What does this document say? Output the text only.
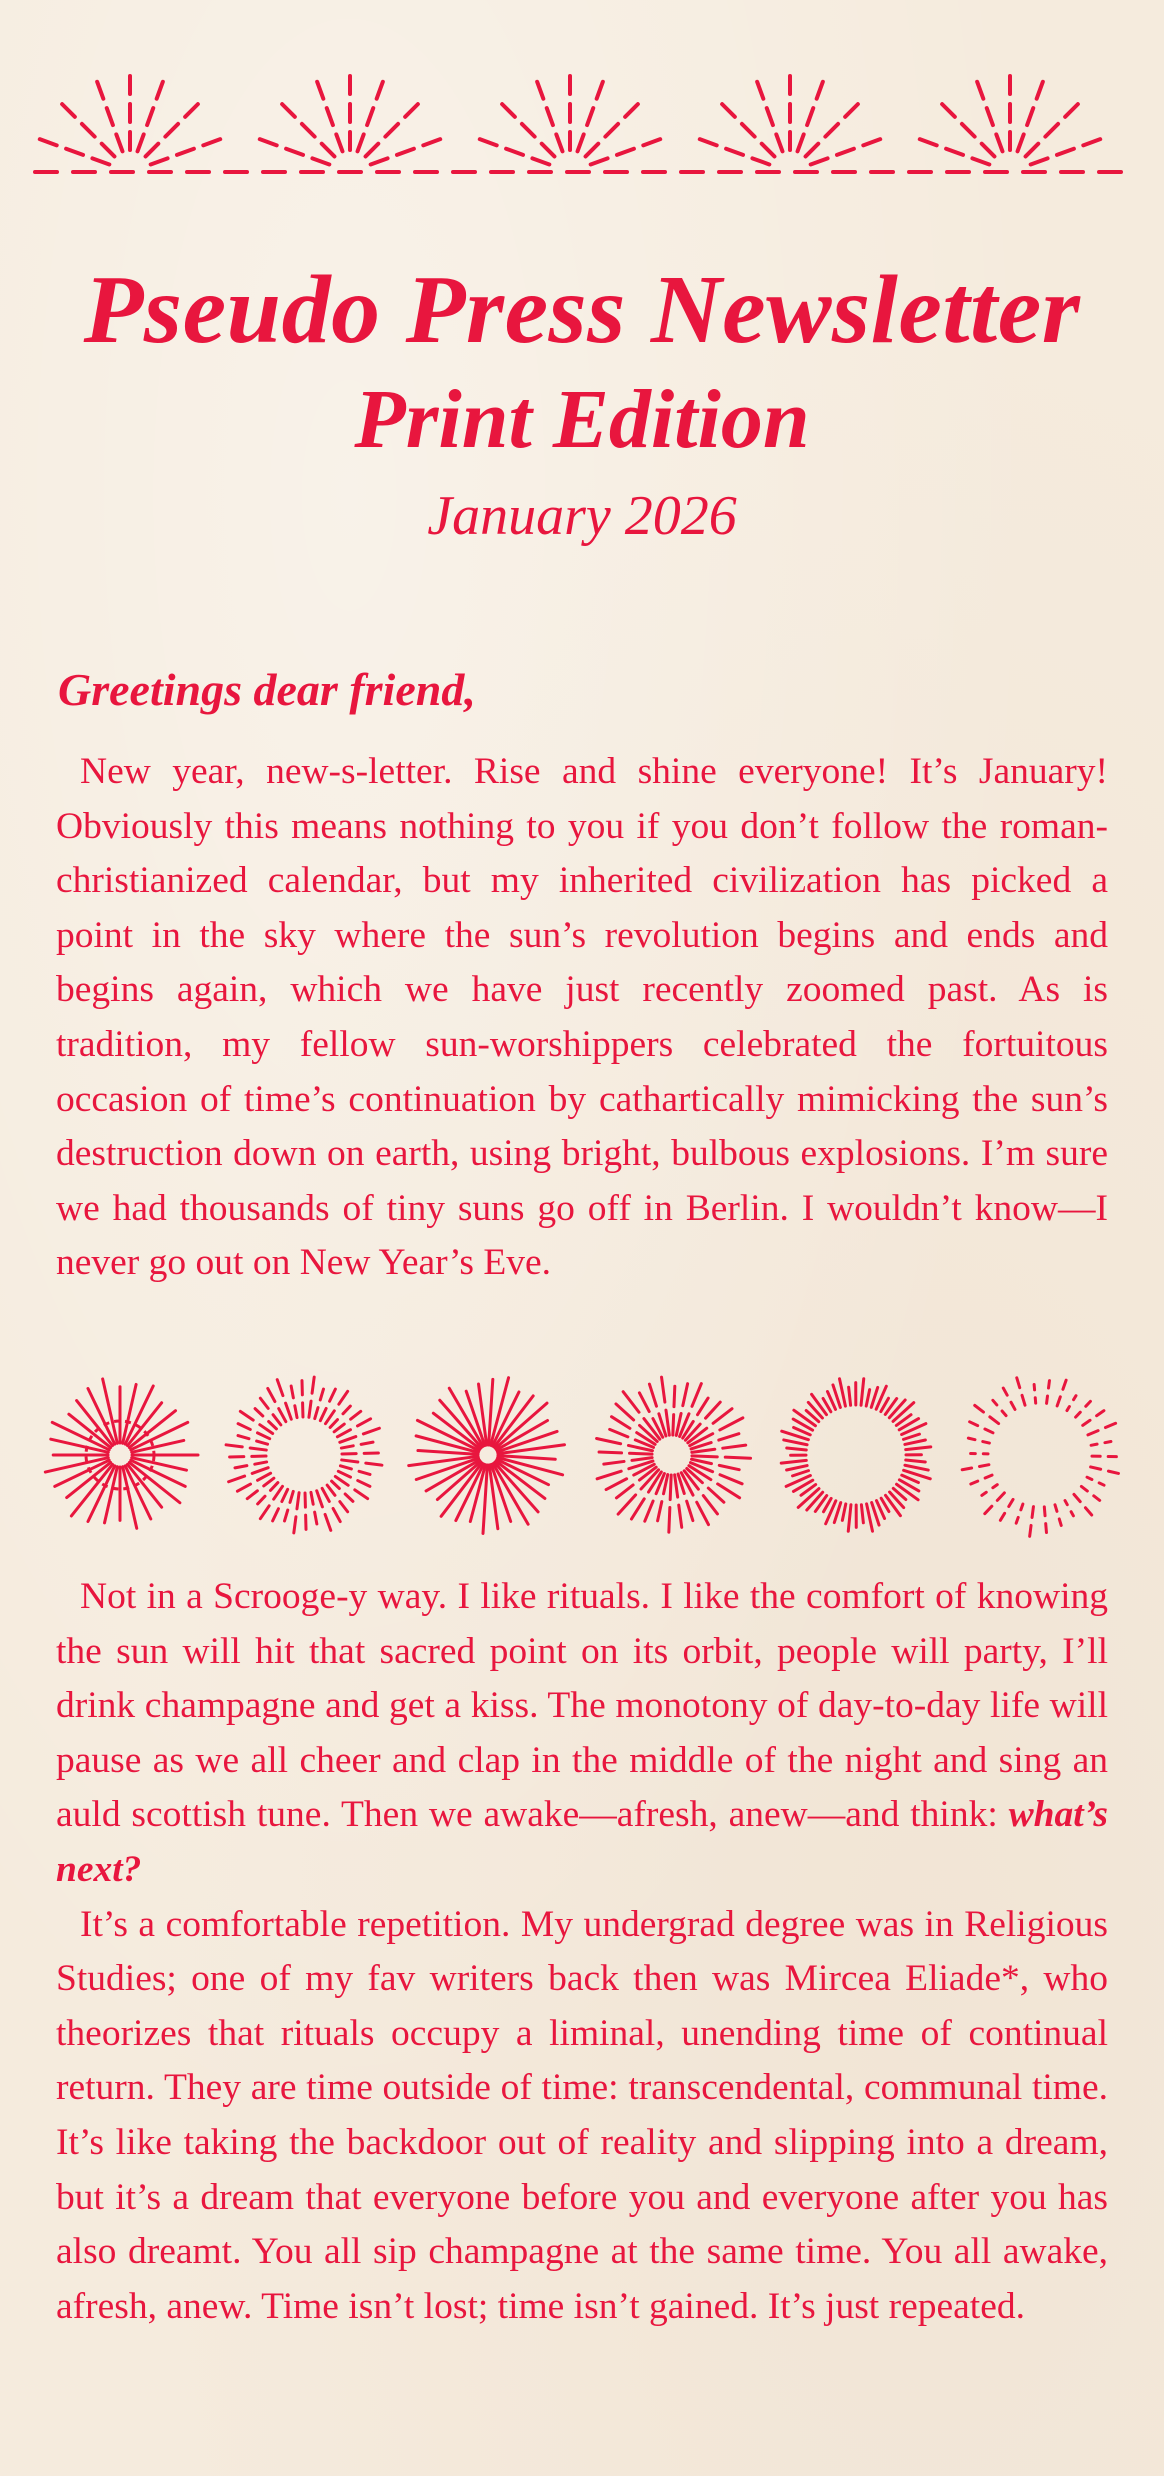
Pseudo Press Newsletter
Print Edition
January 2026
Greetings dear friend,

New year, new-s-letter. Rise and shine everyone! It’s January! Obviously this means nothing to you if you don’t follow the roman-christianized calendar, but my inherited civilization has picked a point in the sky where the sun’s revolution begins and ends and begins again, which we have just recently zoomed past. As is tradition, my fellow sun-worshippers celebrated the fortuitous occasion of time’s continuation by cathartically mimicking the sun’s destruction down on earth, using bright, bulbous explosions. I’m sure we had thousands of tiny suns go off in Berlin. I wouldn’t know—I never go out on New Year’s Eve.

Not in a Scrooge-y way. I like rituals. I like the comfort of knowing the sun will hit that sacred point on its orbit, people will party, I’ll drink champagne and get a kiss. The monotony of day-to-day life will pause as we all cheer and clap in the middle of the night and sing an auld scottish tune. Then we awake—afresh, anew—and think: what’s next?

It’s a comfortable repetition. My undergrad degree was in Religious Studies; one of my fav writers back then was Mircea Eliade*, who theorizes that rituals occupy a liminal, unending time of continual return. They are time outside of time: transcendental, communal time. It’s like taking the backdoor out of reality and slipping into a dream, but it’s a dream that everyone before you and everyone after you has also dreamt. You all sip champagne at the same time. You all awake, afresh, anew. Time isn’t lost; time isn’t gained. It’s just repeated.
